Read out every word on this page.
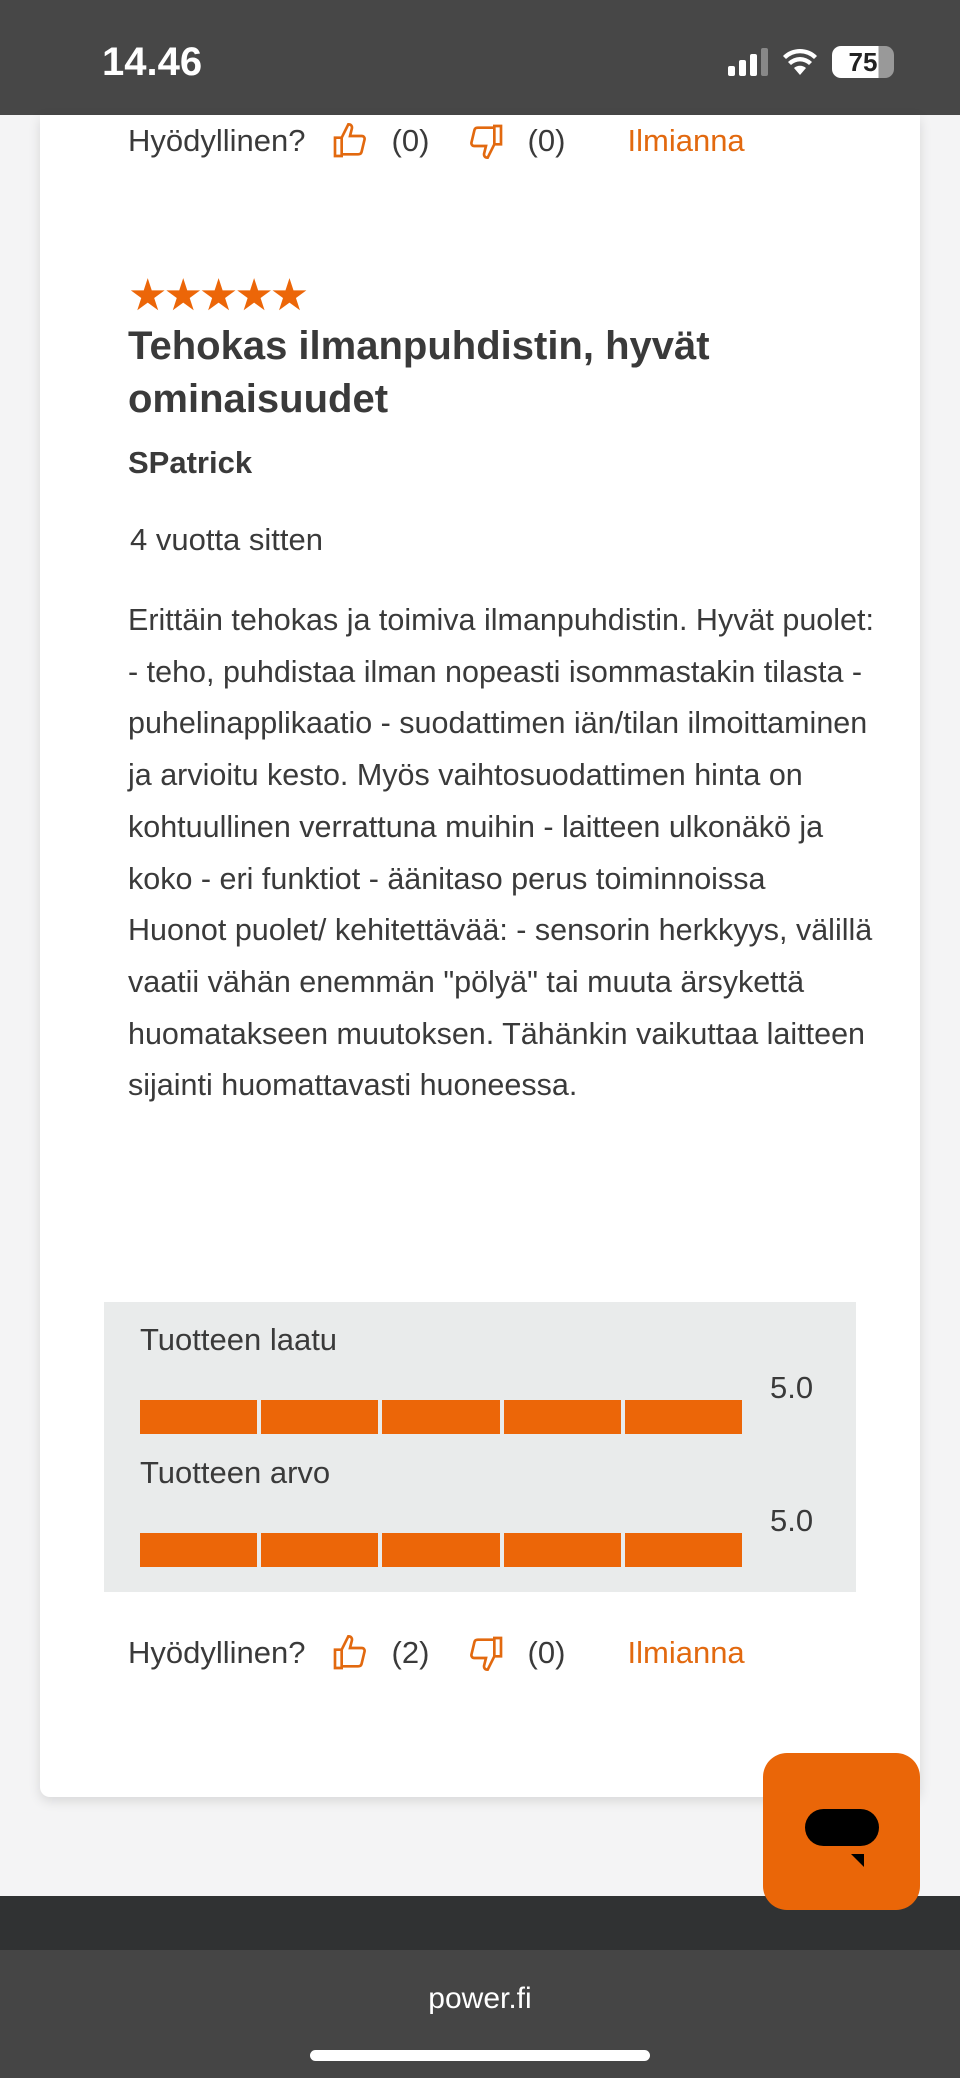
14.46	75
Hyödyllinen?	(0)	(0)	Ilmianna
★★★★★
Tehokas ilmanpuhdistin, hyvät ominaisuudet
SPatrick
4 vuotta sitten
Erittäin tehokas ja toimiva ilmanpuhdistin. Hyvät puolet: - teho, puhdistaa ilman nopeasti isommastakin tilasta - puhelinapplikaatio - suodattimen iän/tilan ilmoittaminen ja arvioitu kesto. Myös vaihtosuodattimen hinta on kohtuullinen verrattuna muihin - laitteen ulkonäkö ja koko - eri funktiot - äänitaso perus toiminnoissa  Huonot puolet/ kehitettävää: - sensorin herkkyys, välillä vaatii vähän enemmän "pölyä" tai muuta ärsykettä huomatakseen muutoksen. Tähänkin vaikuttaa laitteen sijainti huomattavasti huoneessa.
Tuotteen laatu
5.0
Tuotteen arvo
5.0
Hyödyllinen?	(2)	(0)	Ilmianna
power.fi
